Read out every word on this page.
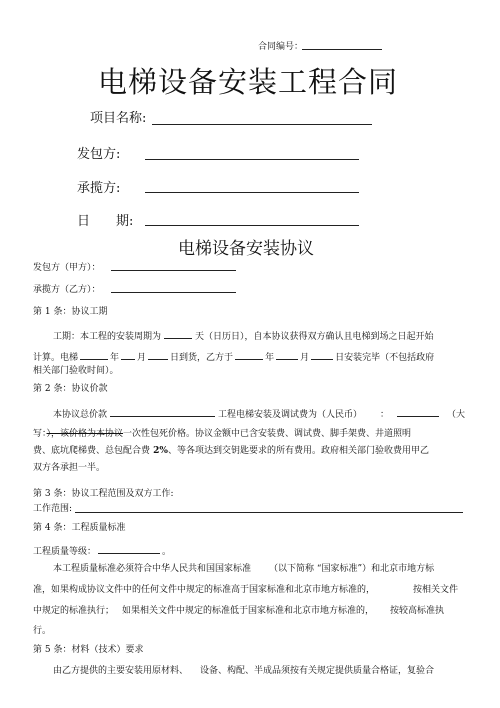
合同编号：
电梯设备安装工程合同
项目名称:
发包方:
承揽方:
日　　期:
电梯设备安装协议
发包方（甲方）：
承揽方（乙方）：
第 1 条：协议工期
工期：本工程的安装周期为	天（日历日），自本协议获得双方确认且电梯到场之日起开始
计算。电梯	年 月	日到货，乙方于	年	月	日安装完毕（不包括政府
相关部门验收时间）。
第 2 条：协议价款
本协议总价款	工程电梯安装及调试费为（人民币） ：	（大
写：），该价格为本协议一次性包死价格。协议金额中已含安装费、调试费、脚手架费、井道照明
费、底坑爬梯费、总包配合费 2%、等各项达到交钥匙要求的所有费用。政府相关部门验收费用甲乙
双方各承担一半。
第 3 条：协议工程范围及双方工作:
工作范围:
第 4 条：工程质量标准
工程质量等级：	。
本工程质量标准必须符合中华人民共和国国家标准 （以下简称 “国家标准”）和北京市地方标
准，如果构成协议文件中的任何文件中规定的标准高于国家标准和北京市地方标准的，	按相关文件
中规定的标准执行； 如果相关文件中规定的标准低于国家标准和北京市地方标准的， 按较高标准执
行。
第 5 条：材料（技术）要求
由乙方提供的主要安装用原材料、 设备、构配、半成品须按有关规定提供质量合格证，复验合
